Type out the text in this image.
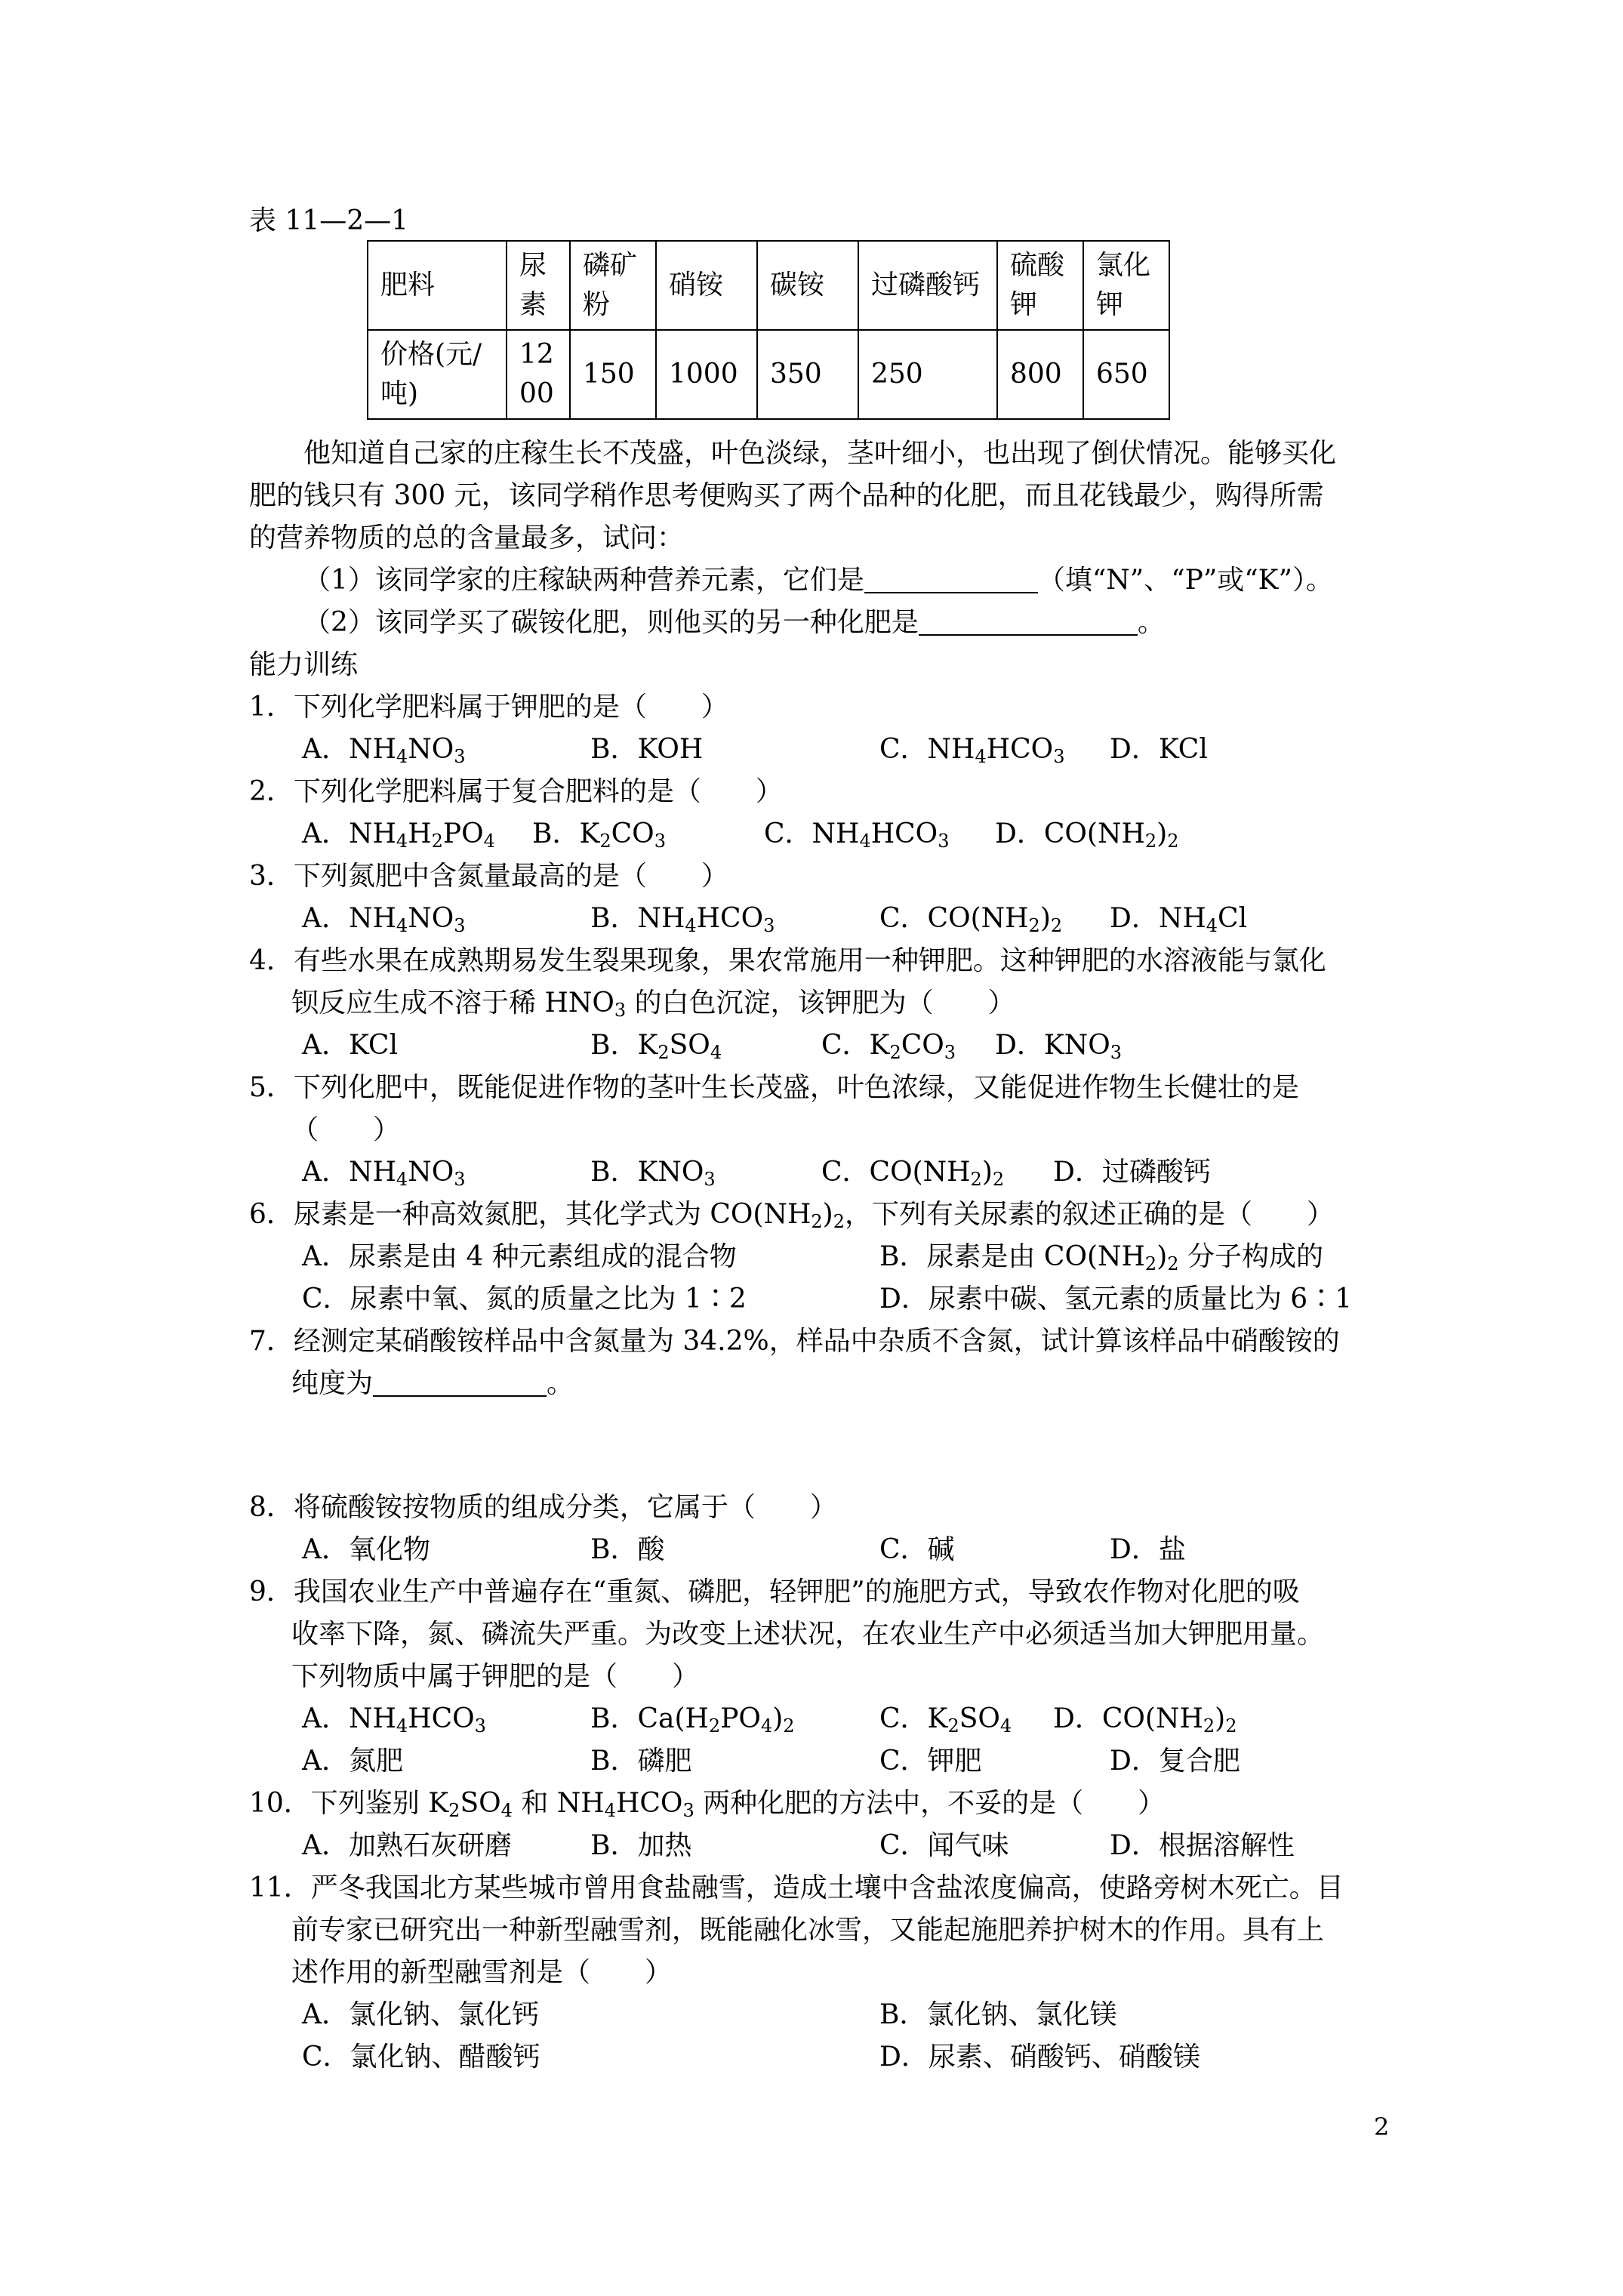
表 11—2—1
肥料	尿素	磷矿粉	硝铵	碳铵	过磷酸钙	硫酸钾	氯化钾
价格(元/吨)	1200	150	1000	350	250	800	650
他知道自己家的庄稼生长不茂盛，叶色淡绿，茎叶细小，也出现了倒伏情况。能够买化
肥的钱只有 300 元，该同学稍作思考便购买了两个品种的化肥，而且花钱最少，购得所需
的营养物质的总的含量最多，试问：
（1）该同学家的庄稼缺两种营养元素，它们是	（填“N”、“P”或“K”）。
（2）该同学买了碳铵化肥，则他买的另一种化肥是	。
能力训练
1．下列化学肥料属于钾肥的是（　　）
A．$NH_4NO_3$	B．KOH	C．$NH_4HCO_3$ D．KCl
2．下列化学肥料属于复合肥料的是（　　）
A．$NH_4H_2PO_4$ B．$K_2CO_3$	C．$NH_4HCO_3$ D．$CO(NH_2)_2$
3．下列氮肥中含氮量最高的是（　　）
A．$NH_4NO_3$	B．$NH_4HCO_3$	C．$CO(NH_2)_2$ D．$NH_4Cl$
4．有些水果在成熟期易发生裂果现象，果农常施用一种钾肥。这种钾肥的水溶液能与氯化
钡反应生成不溶于稀 $HNO_3$ 的白色沉淀，该钾肥为（　　）
A．KCl	B．$K_2SO_4$	C．$K_2CO_3$ D．$KNO_3$
5．下列化肥中，既能促进作物的茎叶生长茂盛，叶色浓绿，又能促进作物生长健壮的是
（　　）
A．$NH_4NO_3$	B．$KNO_3$	C．$CO(NH_2)_2$ D．过磷酸钙
6．尿素是一种高效氮肥，其化学式为 $CO(NH_2)_2$，下列有关尿素的叙述正确的是（　　）
A．尿素是由 4 种元素组成的混合物	B．尿素是由 $CO(NH_2)_2$ 分子构成的
C．尿素中氧、氮的质量之比为 1∶2	D．尿素中碳、氢元素的质量比为 6∶1
7．经测定某硝酸铵样品中含氮量为 34.2%，样品中杂质不含氮，试计算该样品中硝酸铵的
纯度为	。
8．将硫酸铵按物质的组成分类，它属于（　　）
A．氧化物	B．酸	C．碱	D．盐
9．我国农业生产中普遍存在“重氮、磷肥，轻钾肥”的施肥方式，导致农作物对化肥的吸
收率下降，氮、磷流失严重。为改变上述状况，在农业生产中必须适当加大钾肥用量。
下列物质中属于钾肥的是（　　）
A．$NH_4HCO_3$	B．$Ca(H_2PO_4)_2$	C．$K_2SO_4$ D．$CO(NH_2)_2$
A．氮肥	B．磷肥	C．钾肥	D．复合肥
10．下列鉴别 $K_2SO_4$ 和 $NH_4HCO_3$ 两种化肥的方法中，不妥的是（　　）
A．加熟石灰研磨	B．加热	C．闻气味	D．根据溶解性
11．严冬我国北方某些城市曾用食盐融雪，造成土壤中含盐浓度偏高，使路旁树木死亡。目
前专家已研究出一种新型融雪剂，既能融化冰雪，又能起施肥养护树木的作用。具有上
述作用的新型融雪剂是（　　）
A．氯化钠、氯化钙	B．氯化钠、氯化镁
C．氯化钠、醋酸钙	D．尿素、硝酸钙、硝酸镁
2
